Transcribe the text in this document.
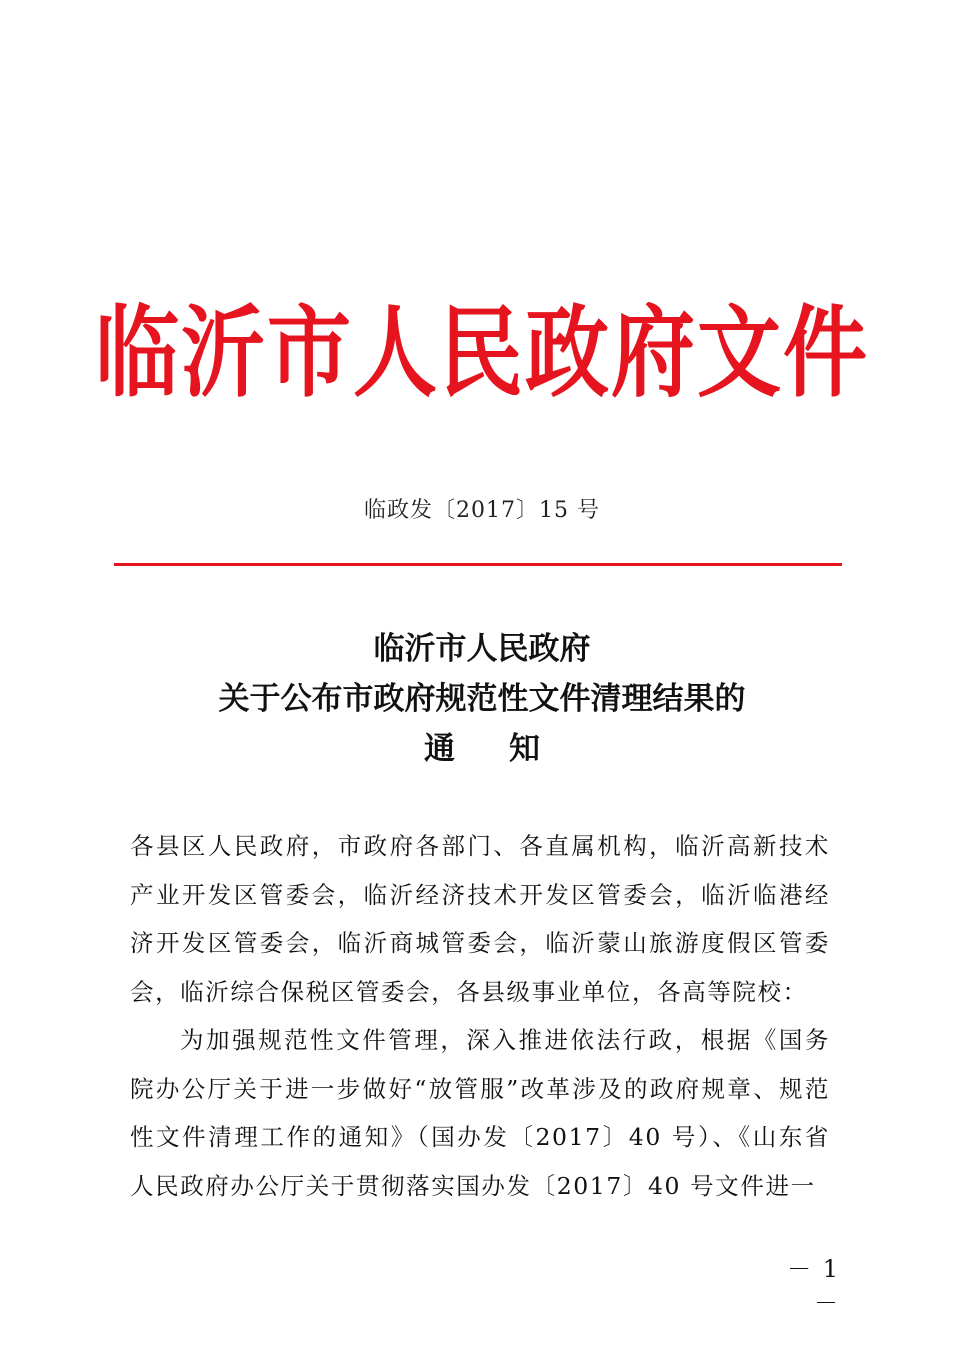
临沂市人民政府文件
临政发〔2017〕15 号
临沂市人民政府
关于公布市政府规范性文件清理结果的
通知

各县区人民政府，市政府各部门、各直属机构，临沂高新技术产业开发区管委会，临沂经济技术开发区管委会，临沂临港经济开发区管委会，临沂商城管委会，临沂蒙山旅游度假区管委会，临沂综合保税区管委会，各县级事业单位，各高等院校：

为加强规范性文件管理，深入推进依法行政，根据《国务院办公厅关于进一步做好“放管服”改革涉及的政府规章、规范性文件清理工作的通知》（国办发〔2017〕40 号）、《山东省人民政府办公厅关于贯彻落实国办发〔2017〕40 号文件进一

－ 1 －
